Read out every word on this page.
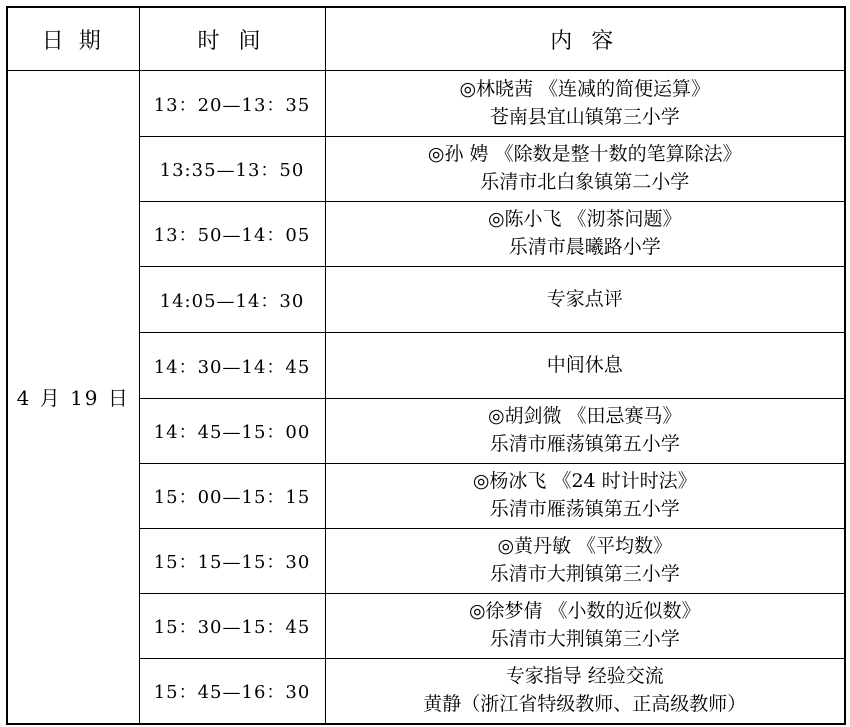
日 期	时 间	内 容
4 月 19 日	13：20—13：35	◎林晓茜 《连减的简便运算》
苍南县宜山镇第三小学

	13:35—13：50	◎孙 娉 《除数是整十数的笔算除法》
乐清市北白象镇第二小学

	13：50—14：05	◎陈小飞 《沏茶问题》
乐清市晨曦路小学

	14:05—14：30	专家点评

	14：30—14：45	中间休息

	14：45—15：00	◎胡剑微 《田忌赛马》
乐清市雁荡镇第五小学

	15：00—15：15	◎杨冰飞 《24 时计时法》
乐清市雁荡镇第五小学

	15：15—15：30	◎黄丹敏 《平均数》
乐清市大荆镇第三小学

	15：30—15：45	◎徐梦倩 《小数的近似数》
乐清市大荆镇第三小学

	15：45—16：30	专家指导 经验交流
黄静（浙江省特级教师、正高级教师）
